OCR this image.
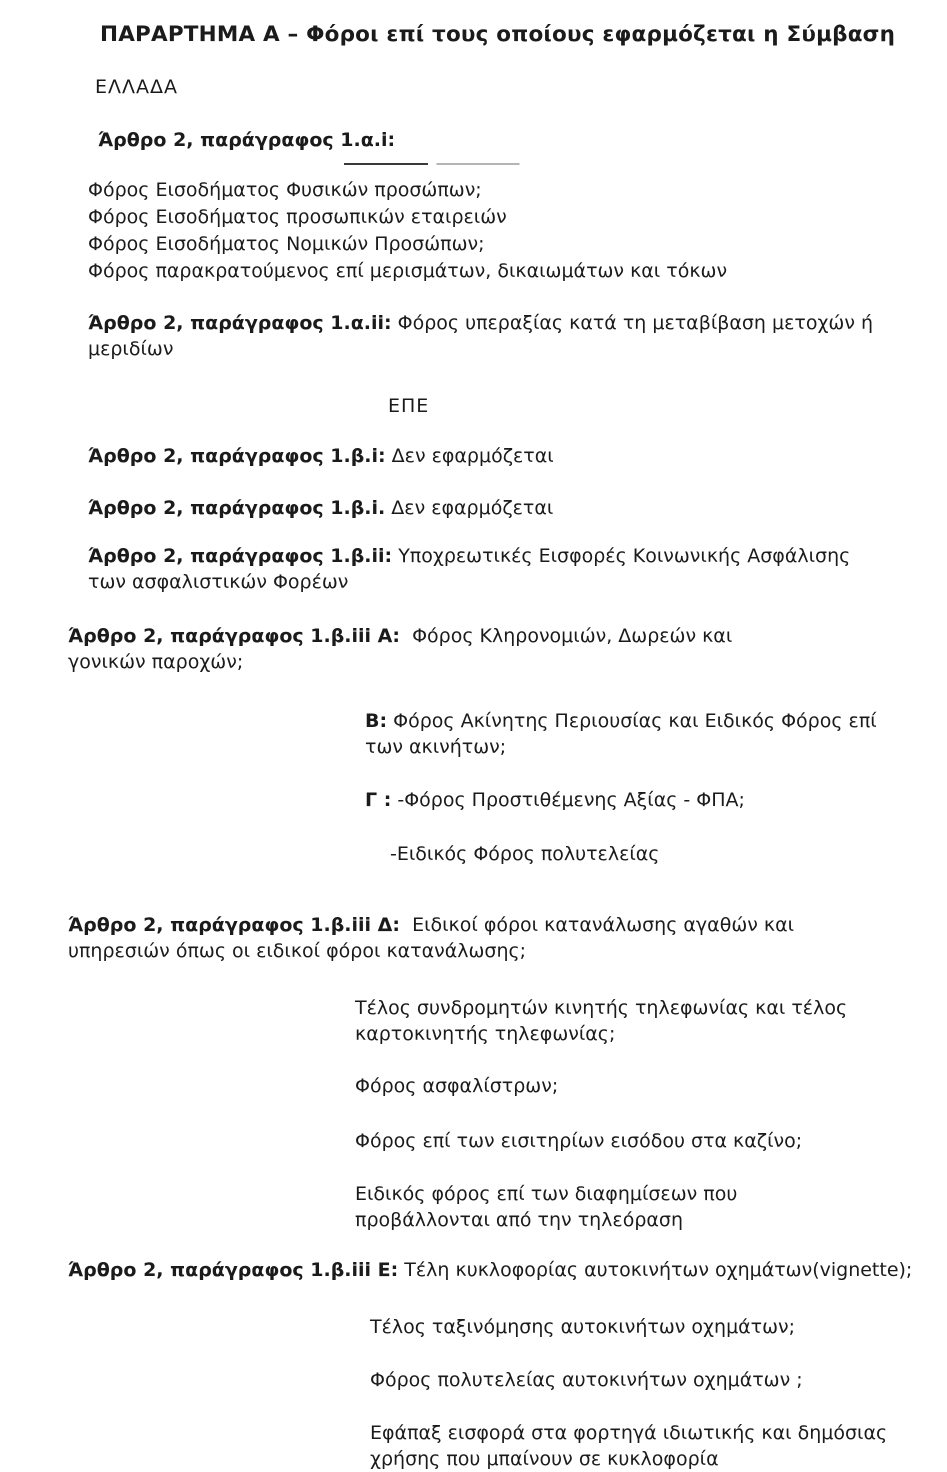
ΠΑΡΑΡΤΗΜΑ Α – Φόροι επί τους οποίους εφαρμόζεται η Σύμβαση
ΕΛΛΑΔΑ

Άρθρο 2, παράγραφος 1.α.i:

Φόρος Εισοδήματος Φυσικών προσώπων;

Φόρος Εισοδήματος προσωπικών εταιρειών

Φόρος Εισοδήματος Νομικών Προσώπων;

Φόρος παρακρατούμενος επί μερισμάτων, δικαιωμάτων και τόκων

Άρθρο 2, παράγραφος 1.α.ii: Φόρος υπεραξίας κατά τη μεταβίβαση μετοχών ή μεριδίων

ΕΠΕ

Άρθρο 2, παράγραφος 1.β.i: Δεν εφαρμόζεται

Άρθρο 2, παράγραφος 1.β.i. Δεν εφαρμόζεται

Άρθρο 2, παράγραφος 1.β.ii: Υποχρεωτικές Εισφορές Κοινωνικής Ασφάλισης των ασφαλιστικών Φορέων

Άρθρο 2, παράγραφος 1.β.iii Α: Φόρος Κληρονομιών, Δωρεών και γονικών παροχών;

Β: Φόρος Ακίνητης Περιουσίας και Ειδικός Φόρος επί των ακινήτων;

Γ : -Φόρος Προστιθέμενης Αξίας - ΦΠΑ;

-Ειδικός Φόρος πολυτελείας

Άρθρο 2, παράγραφος 1.β.iii Δ: Ειδικοί φόροι κατανάλωσης αγαθών και υπηρεσιών όπως οι ειδικοί φόροι κατανάλωσης;

Τέλος συνδρομητών κινητής τηλεφωνίας και τέλος καρτοκινητής τηλεφωνίας;

Φόρος ασφαλίστρων;

Φόρος επί των εισιτηρίων εισόδου στα καζίνο;

Ειδικός φόρος επί των διαφημίσεων που προβάλλονται από την τηλεόραση

Άρθρο 2, παράγραφος 1.β.iii Ε: Τέλη κυκλοφορίας αυτοκινήτων οχημάτων(vignette);

Τέλος ταξινόμησης αυτοκινήτων οχημάτων;

Φόρος πολυτελείας αυτοκινήτων οχημάτων ;

Εφάπαξ εισφορά στα φορτηγά ιδιωτικής και δημόσιας χρήσης που μπαίνουν σε κυκλοφορία
